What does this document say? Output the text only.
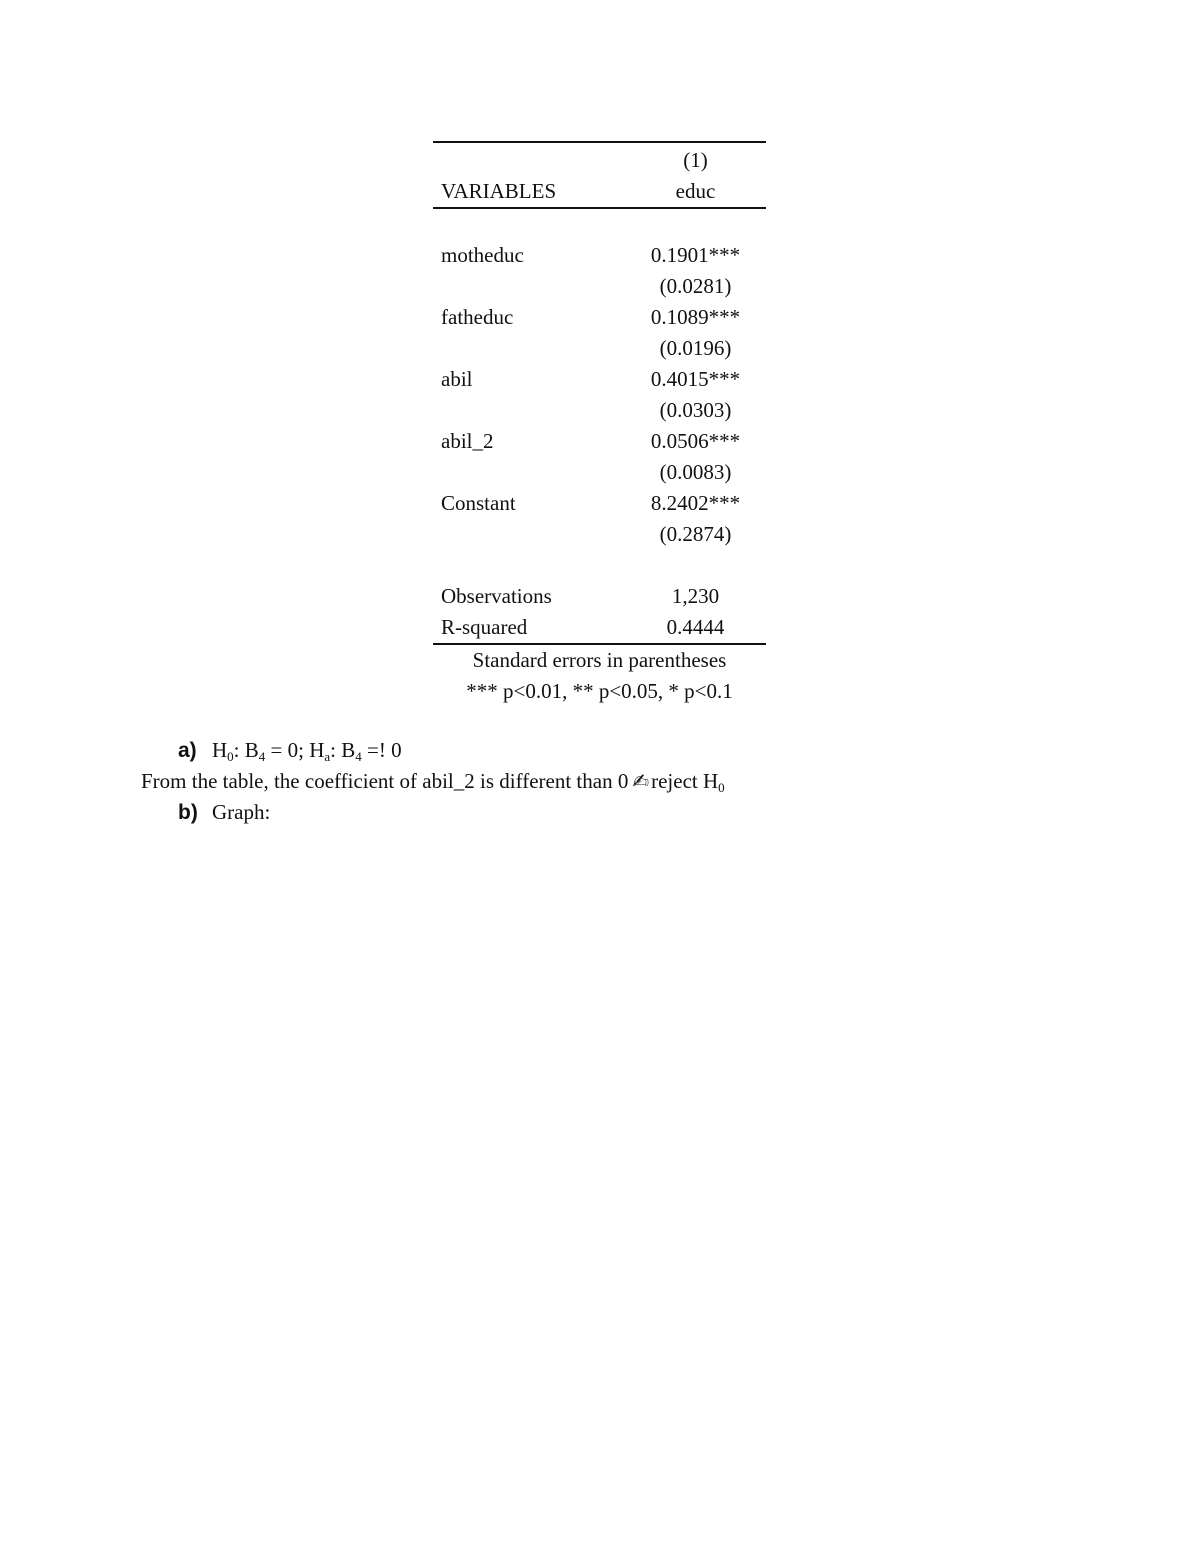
(1)
VARIABLES	educ
motheduc	0.1901***
(0.0281)
fatheduc	0.1089***
(0.0196)
abil	0.4015***
(0.0303)
abil_2	0.0506***
(0.0083)
Constant	8.2402***
(0.2874)
Observations	1,230
R-squared	0.4444
Standard errors in parentheses
*** p<0.01, ** p<0.05, * p<0.1
a) $H_0$: $B_4 = 0$; $H_a$: $B_4$ =! 0
From the table, the coefficient of abil_2 is different than 0 ✍reject $H_0$
b) Graph:
